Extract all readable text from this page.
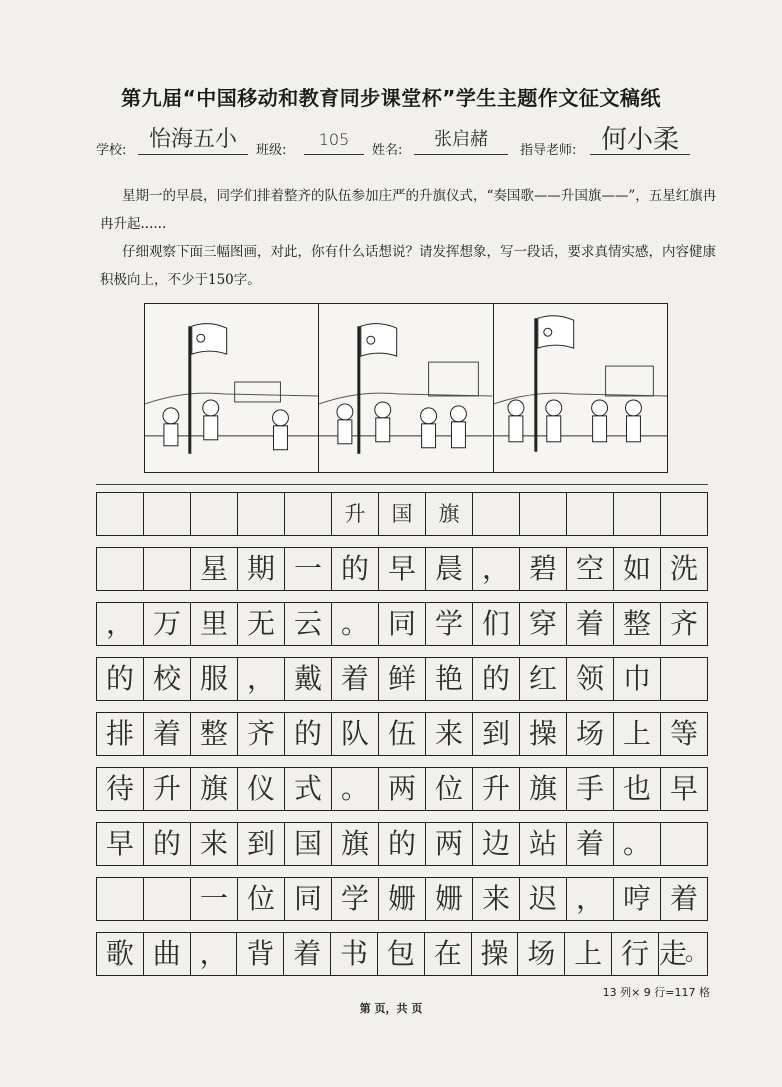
第九届“中国移动和教育同步课堂杯”学生主题作文征文稿纸
学校:	怡海五小	班级:
105
姓名:
张启赭
指导老师: 何小柔
星期一的早晨，同学们排着整齐的队伍参加庄严的升旗仪式，“奏国歌——升国旗——”，五星红旗冉冉升起......
仔细观察下面三幅图画，对此，你有什么话想说？请发挥想象，写一段话，要求真情实感，内容健康积极向上，不少于150字。
升	国	旗
星 期 一 的 早 晨 ， 碧 空 如 洗
， 万 里 无 云 。 同 学 们 穿 着 整 齐
的 校 服 ， 戴 着 鲜 艳 的 红 领 巾
排 着 整 齐 的 队 伍 来 到 操 场 上 等
待 升 旗 仪 式 。 两 位 升 旗 手 也 早
早 的 来 到 国 旗 的 两 边 站 着 。
一 位 同 学 姗 姗 来 迟 ， 哼 着
歌 曲 ， 背 着 书 包 在 操 场 上 行 走
。
13 列× 9 行=117 格
第 页，共 页
